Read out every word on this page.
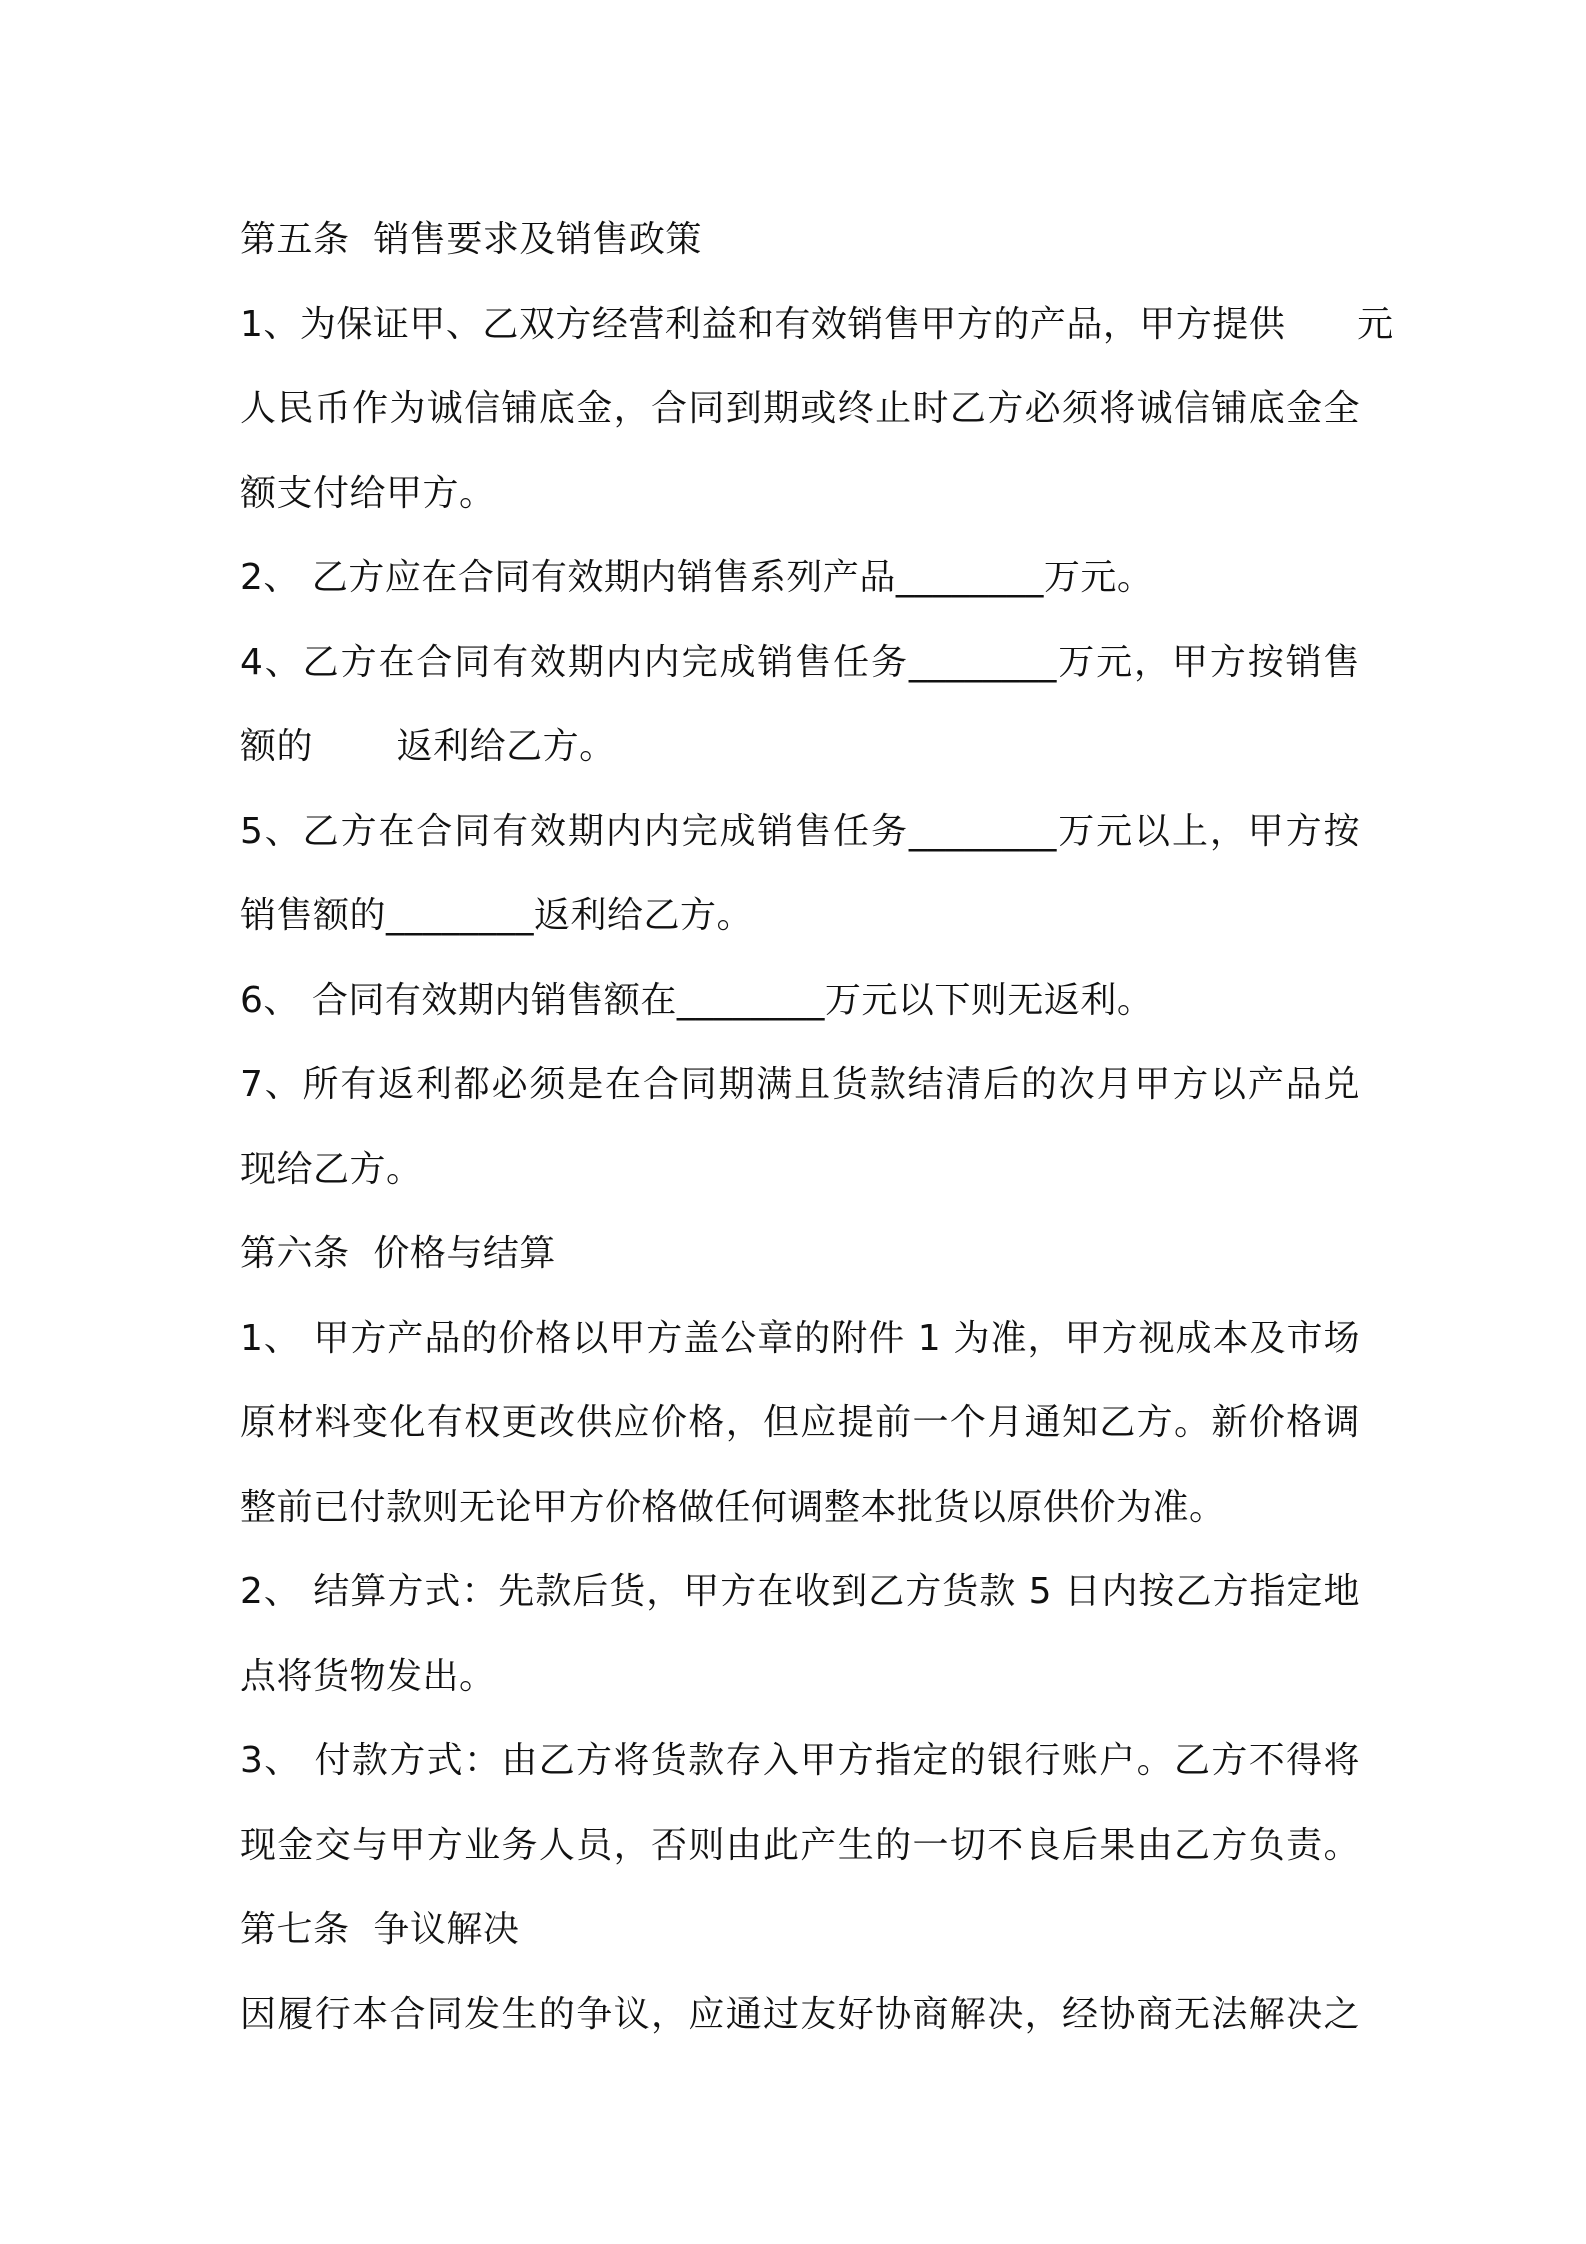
第五条  销售要求及销售政策
1、为保证甲、乙双方经营利益和有效销售甲方的产品，甲方提供      元
人民币作为诚信铺底金，合同到期或终止时乙方必须将诚信铺底金全
额支付给甲方。
2、 乙方应在合同有效期内销售系列产品________万元。
4、乙方在合同有效期内内完成销售任务________万元，甲方按销售
额的       返利给乙方。
5、乙方在合同有效期内内完成销售任务________万元以上，甲方按
销售额的________返利给乙方。
6、 合同有效期内销售额在________万元以下则无返利。
7、所有返利都必须是在合同期满且货款结清后的次月甲方以产品兑
现给乙方。
第六条  价格与结算
1、 甲方产品的价格以甲方盖公章的附件 1 为准，甲方视成本及市场
原材料变化有权更改供应价格，但应提前一个月通知乙方。新价格调
整前已付款则无论甲方价格做任何调整本批货以原供价为准。
2、 结算方式：先款后货，甲方在收到乙方货款 5 日内按乙方指定地
点将货物发出。
3、 付款方式：由乙方将货款存入甲方指定的银行账户。乙方不得将
现金交与甲方业务人员，否则由此产生的一切不良后果由乙方负责。
第七条  争议解决
因履行本合同发生的争议，应通过友好协商解决，经协商无法解决之
